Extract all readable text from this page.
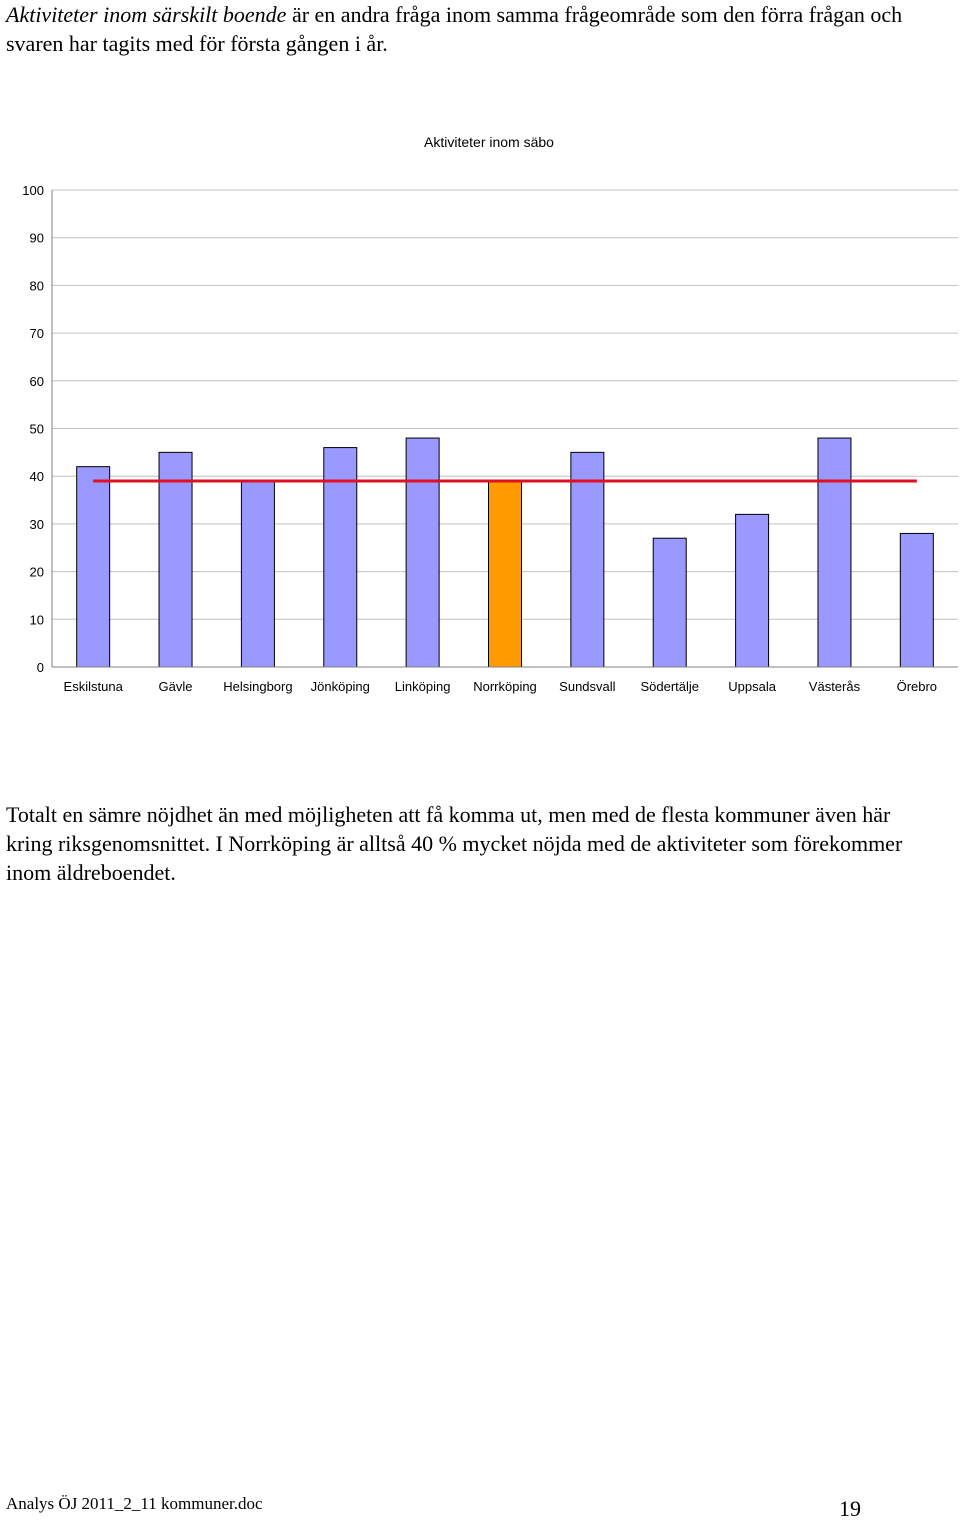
Aktiviteter inom särskilt boende är en andra fråga inom samma frågeområde som den förra frågan och svaren har tagits med för första gången i år.

Aktiviteter inom säbo
0
10
20
30
40
50
60
70
80
90
100
Eskilstuna	Gävle Helsingborg Jönköping Linköping Norrköping Sundsvall Södertälje Uppsala	Västerås	Örebro

Totalt en sämre nöjdhet än med möjligheten att få komma ut, men med de flesta kommuner även här kring riksgenomsnittet. I Norrköping är alltså 40 % mycket nöjda med de aktiviteter som förekommer inom äldreboendet.

Analys ÖJ 2011_2_11 kommuner.doc	19
